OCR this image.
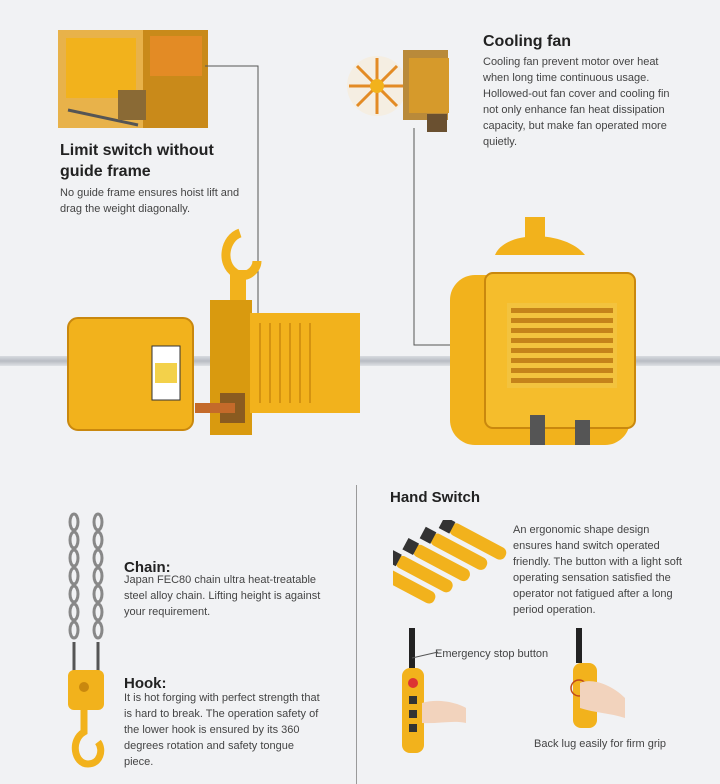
Limit switch without guide frame
No guide frame ensures hoist lift and drag the weight diagonally.
Cooling fan
Cooling fan prevent motor over heat when long time continuous usage. Hollowed-out fan cover and cooling fin not only enhance fan heat dissipation capacity, but make fan operated more quietly.
Hand Switch
An ergonomic shape design ensures hand switch operated friendly. The button with a light soft operating sensation satisfied the operator not fatigued after a long period operation.
Emergency stop button
Back lug easily for firm grip
Chain:
Japan FEC80 chain ultra heat-treatable steel alloy chain. Lifting height is against your requirement.
Hook:
It is hot forging with perfect strength that is hard to break. The operation safety of the lower hook is ensured by its 360 degrees rotation and safety tongue piece.
